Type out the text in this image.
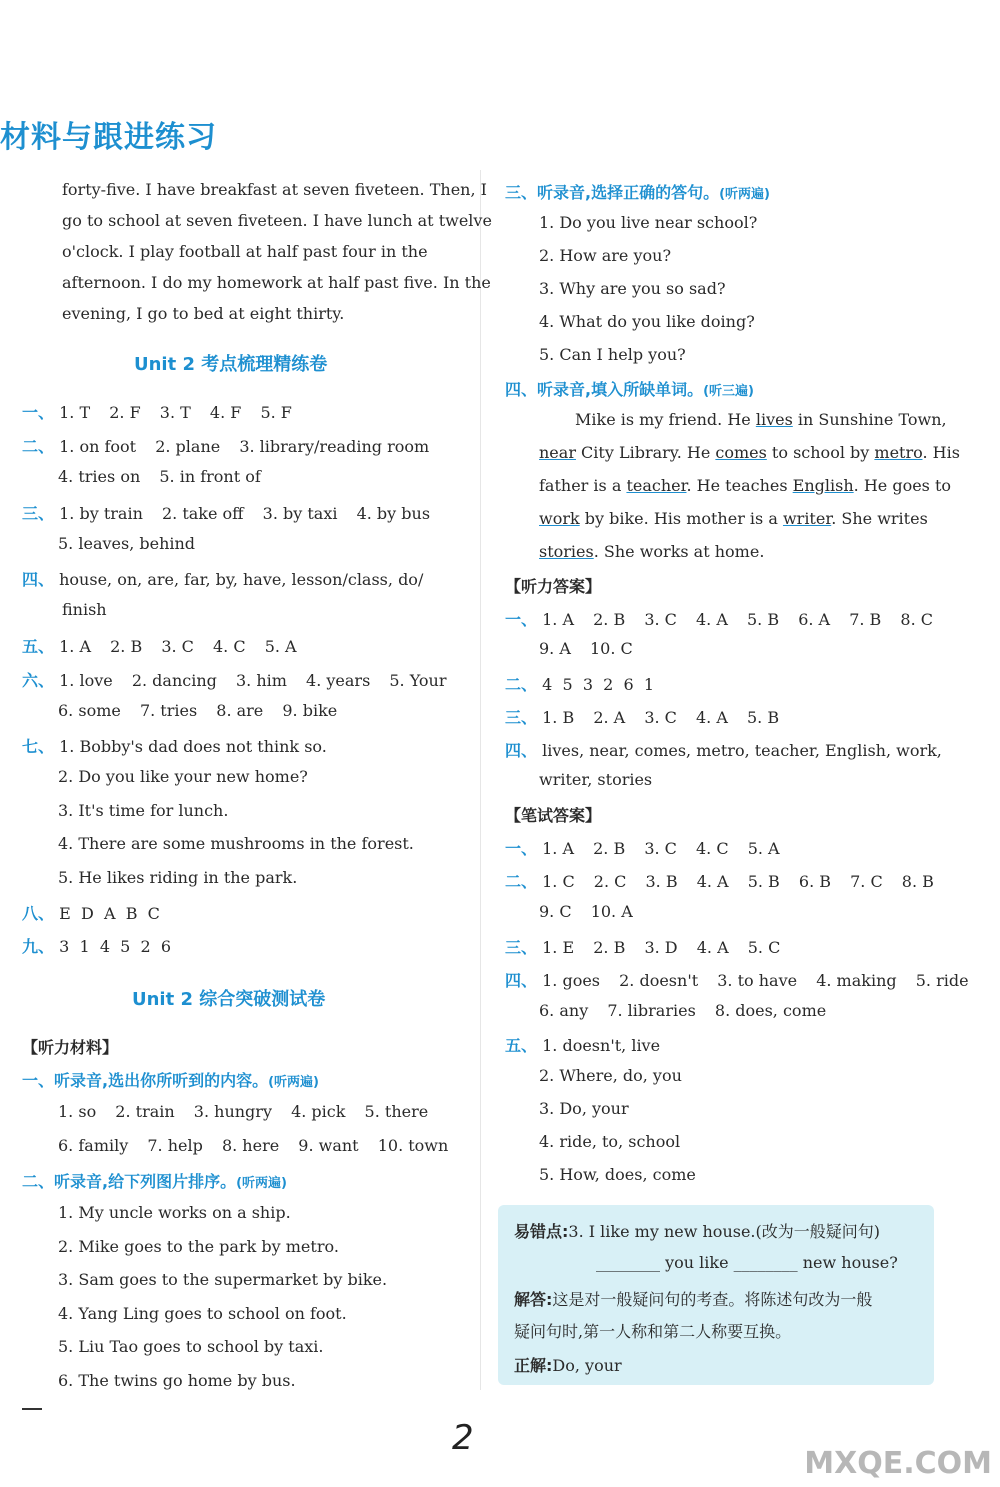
材料与跟进练习
forty-five. I have breakfast at seven fiveteen. Then, I
go to school at seven fiveteen. I have lunch at twelve
o'clock. I play football at half past four in the
afternoon. I do my homework at half past five. In the
evening, I go to bed at eight thirty.
Unit 2 考点梳理精练卷
一、 1. T 2. F 3. T 4. F 5. F
二、 1. on foot 2. plane 3. library/reading room
4. tries on 5. in front of
三、 1. by train 2. take off 3. by taxi 4. by bus
5. leaves, behind
四、 house, on, are, far, by, have, lesson/class, do/
finish
五、 1. A 2. B 3. C 4. C 5. A
六、 1. love 2. dancing 3. him 4. years 5. Your
6. some 7. tries 8. are 9. bike
七、 1. Bobby's dad does not think so.
2. Do you like your new home?
3. It's time for lunch.
4. There are some mushrooms in the forest.
5. He likes riding in the park.
八、 E  D  A  B  C
九、 3  1  4  5  2  6
Unit 2 综合突破测试卷
【听力材料】
一、听录音,选出你所听到的内容。(听两遍)
1. so 2. train 3. hungry 4. pick 5. there
6. family 7. help 8. here 9. want 10. town
二、听录音,给下列图片排序。(听两遍)
1. My uncle works on a ship.
2. Mike goes to the park by metro.
3. Sam goes to the supermarket by bike.
4. Yang Ling goes to school on foot.
5. Liu Tao goes to school by taxi.
6. The twins go home by bus.
三、听录音,选择正确的答句。(听两遍)
1. Do you live near school?
2. How are you?
3. Why are you so sad?
4. What do you like doing?
5. Can I help you?
四、听录音,填入所缺单词。(听三遍)
Mike is my friend. He lives in Sunshine Town,
near City Library. He comes to school by metro. His
father is a teacher. He teaches English. He goes to
work by bike. His mother is a writer. She writes
stories. She works at home.
【听力答案】
一、 1. A 2. B 3. C 4. A 5. B 6. A 7. B 8. C
9. A 10. C
二、 4  5  3  2  6  1
三、 1. B 2. A 3. C 4. A 5. B
四、 lives, near, comes, metro, teacher, English, work,
writer, stories
【笔试答案】
一、 1. A 2. B 3. C 4. C 5. A
二、 1. C 2. C 3. B 4. A 5. B 6. B 7. C 8. B
9. C 10. A
三、 1. E 2. B 3. D 4. A 5. C
四、 1. goes 2. doesn't 3. to have 4. making 5. ride
6. any 7. libraries 8. does, come
五、 1. doesn't, live
2. Where, do, you
3. Do, your
4. ride, to, school
5. How, does, come
易错点:3. I like my new house.(改为一般疑问句)
________ you like ________ new house?
解答:这是对一般疑问句的考查。将陈述句改为一般
疑问句时,第一人称和第二人称要互换。
正解:Do, your
2
MXQE.COM
